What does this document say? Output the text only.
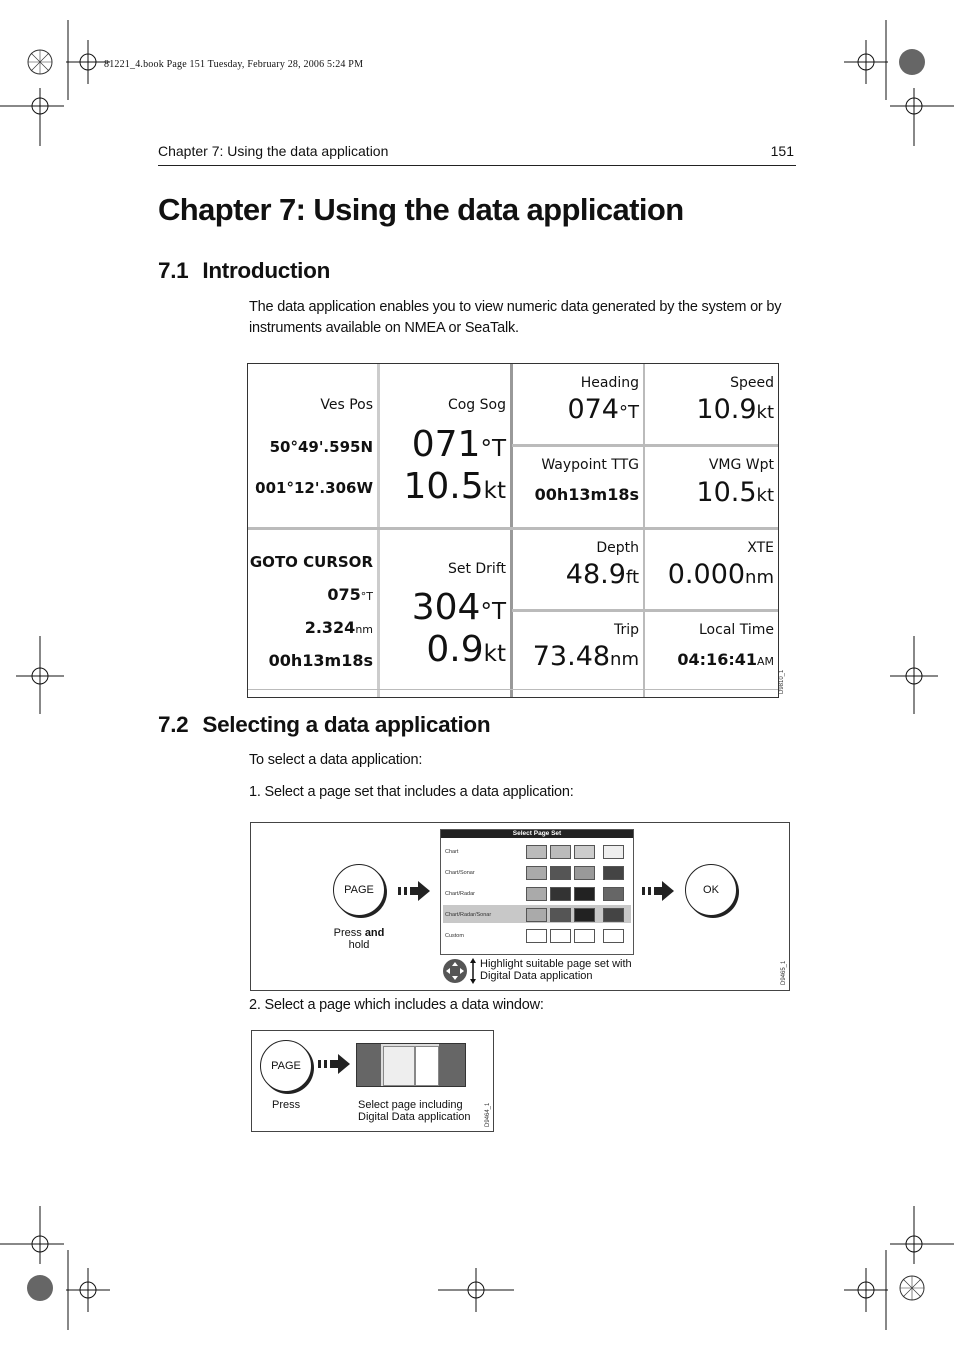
81221_4.book Page 151 Tuesday, February 28, 2006 5:24 PM
Chapter 7: Using the data application	151
Chapter 7: Using the data application
7.1 Introduction
The data application enables you to view numeric data generated by the system or by instruments available on NMEA or SeaTalk.
Ves Pos
50°49'.595N
001°12'.306W
Cog Sog
071°T
10.5kt
Heading
074°T
Speed
10.9kt
Waypoint TTG
00h13m18s
VMG Wpt
10.5kt
GOTO CURSOR
075°T
2.324nm
00h13m18s
Set Drift
304°T
0.9kt
Depth
48.9ft
XTE
0.000nm
Trip
73.48nm
Local Time
04:16:41AM
D9810_1
7.2 Selecting a data application
To select a data application:
1. Select a page set that includes a data application:
PAGE
Press and
hold
Select Page Set
Chart
Chart/Sonar
Chart/Radar
Chart/Radar/Sonar
Custom
OK
Highlight suitable page set with
Digital Data application	D9465_1
2. Select a page which includes a data window:
PAGE
Press	Select page including
Digital Data application D9464_1
